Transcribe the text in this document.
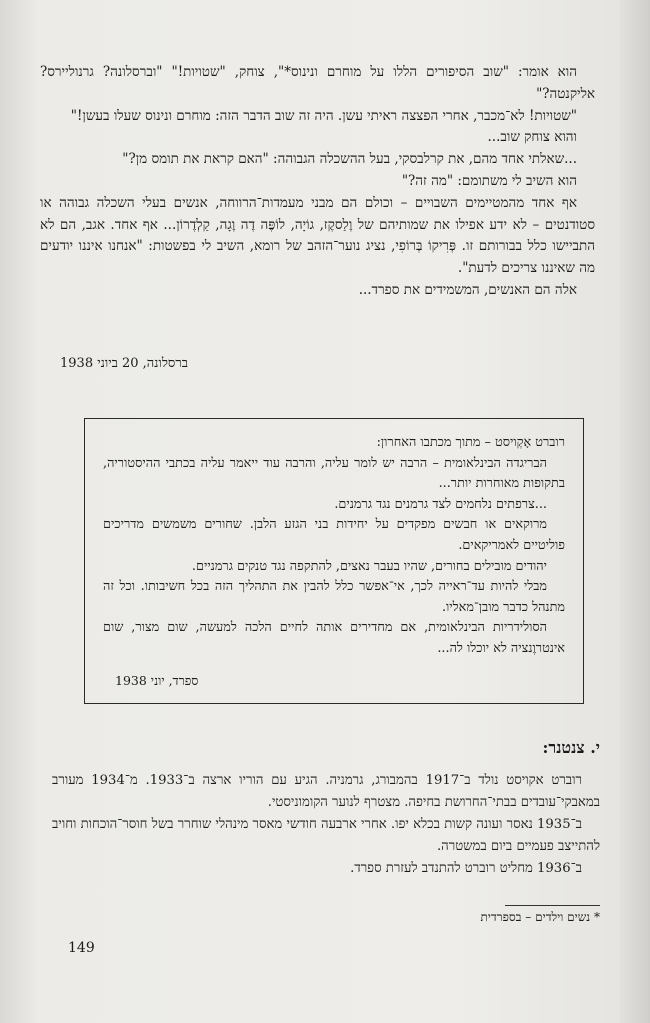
הוא אומר: "שוב הסיפורים הללו על מוחרם ונינוס*", צוחק, "שטויות!" "וברסלונה? גרנוליירס? אליקנטה?"

"שטויות! לא־מכבר, אחרי הפצצה ראיתי עשן. היה זה שוב הדבר הזה: מוחרם ונינוס שעלו בעשן!"

והוא צוחק שוב...

...שאלתי אחד מהם, את קרלבסקי, בעל ההשכלה הגבוהה: "האם קראת את תומס מן?"

הוא השיב לי משתומם: "מה זה?"

אף אחד מהמטיימים השבויים – וכולם הם מבני מעמדות־הרווחה, אנשים בעלי השכלה גבוהה או סטודנטים – לא ידע אפילו את שמותיהם של וֶלַסקֶז, גוֹיָה, לוֹפֶּה דֶה וֶגָה, קַלְדֶרוֹן... אף אחד. אגב, הם לא התביישו כלל בבורותם זו. פְּרִיקוֹ בְּרוֹפִי, נציג נוער־הזהב של רומא, השיב לי בפשטות: "אנחנו איננו יודעים מה שאיננו צריכים לדעת".

אלה הם האנשים, המשמידים את ספרד...

ברסלונה, 20 ביוני 1938

רוברט אָקְויסט – מתוך מכתבו האחרון:

הבריגדה הבינלאומית – הרבה יש לומר עליה, והרבה עוד ייאמר עליה בכתבי ההיסטוריה, בתקופות מאוחרות יותר...

...צרפתים נלחמים לצד גרמנים נגד גרמנים.

מרוקאים או חבשים מפקדים על יחידות בני הגזע הלבן. שחורים משמשים מדריכים פוליטיים לאמריקאים.

יהודים מובילים בחורים, שהיו בעבר נאצים, להתקפה נגד טנקים גרמניים.

מבלי להיות עד־ראייה לכך, אי־אפשר כלל להבין את התהליך הזה בכל חשיבותו. וכל זה מתנהל כדבר מובן־מאליו.

הסולידריות הבינלאומית, אם מחדירים אותה לחיים הלכה למעשה, שום מצור, שום אינטרוֶנציה לא יוכלו לה...

ספרד, יוני 1938
י. צנטנר:

רוברט אקויסט נולד ב־1917 בהמבורג, גרמניה. הגיע עם הוריו ארצה ב־1933. מ־1934 מעורב במאבקי־עובדים בבתי־החרושת בחיפה. מצטרף לנוער הקומוניסטי.

ב־1935 נאסר ועונה קשות בכלא יפו. אחרי ארבעה חודשי מאסר מינהלי שוחרר בשל חוסר־הוכחות וחויב להתייצב פעמיים ביום במשטרה.

ב־1936 מחליט רוברט להתנדב לעזרת ספרד.

* נשים וילדים – בספרדית
149
